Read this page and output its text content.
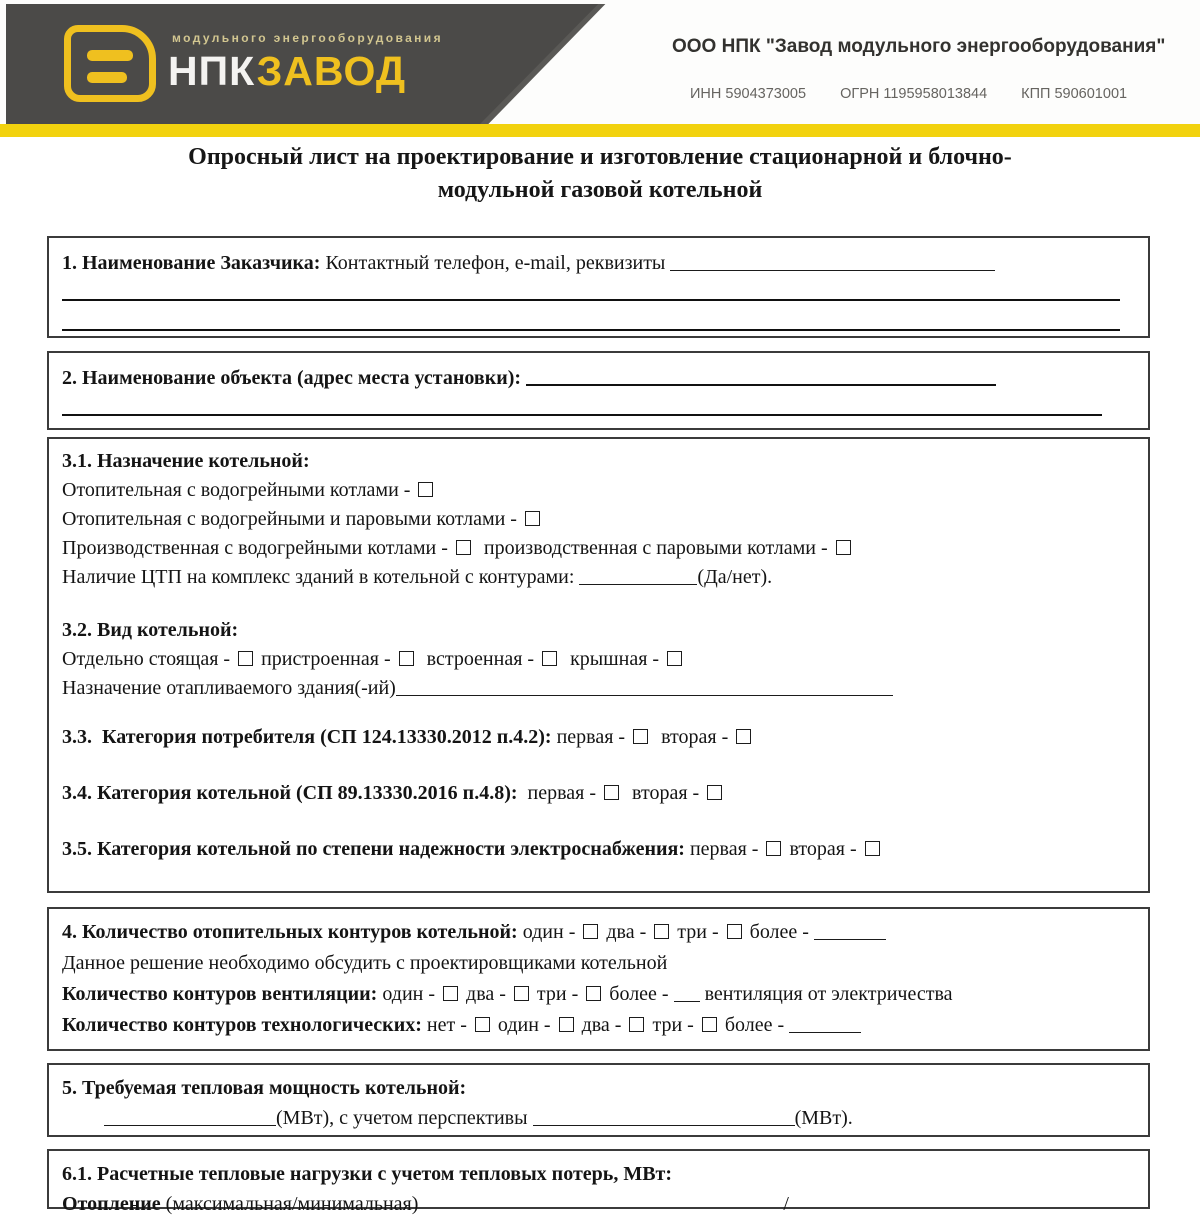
модульного энергооборудования
НПКЗАВОД
ООО НПК "Завод модульного энергооборудования"
ИНН 5904373005 ОГРН 1195958013844 КПП 590601001
Опросный лист на проектирование и изготовление стационарной и блочно-
модульной газовой котельной
1. Наименование Заказчика: Контактный телефон, e-mail, реквизиты
2. Наименование объекта (адрес места установки):
3.1. Назначение котельной:
Отопительная с водогрейными котлами -
Отопительная с водогрейными и паровыми котлами -
Производственная с водогрейными котлами -   производственная с паровыми котлами -
Наличие ЦТП на комплекс зданий в котельной с контурами:	(Да/нет).
3.2. Вид котельной:
Отдельно стоящая -  пристроенная -   встроенная -   крышная -
Назначение отапливаемого здания(-ий)
3.3.  Категория потребителя (СП 124.13330.2012 п.4.2): первая -   вторая -
3.4. Категория котельной (СП 89.13330.2016 п.4.8):  первая -   вторая -
3.5. Категория котельной по степени надежности электроснабжения: первая -  вторая -
4. Количество отопительных контуров котельной: один -  два -  три -  более -
Данное решение необходимо обсудить с проектировщиками котельной
Количество контуров вентиляции: один -  два -  три -  более -  вентиляция от электричества
Количество контуров технологических: нет -  один -  два -  три -  более -
5. Требуемая тепловая мощность котельной:
(МВт), с учетом перспективы	(МВт).
6.1. Расчетные тепловые нагрузки с учетом тепловых потерь, МВт:
Отопление (максимальная/минимальная)	/
